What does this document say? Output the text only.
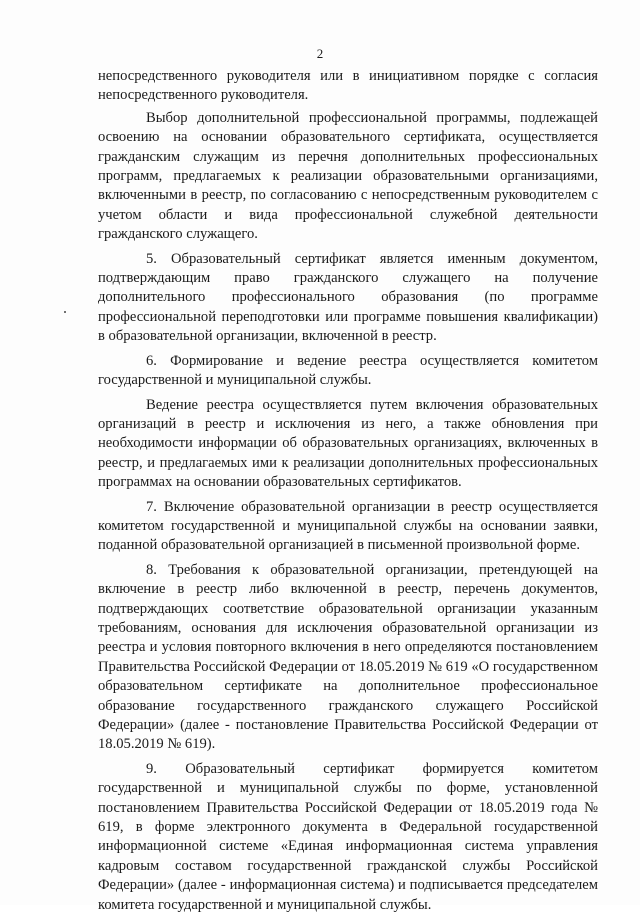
2

непосредственного руководителя или в инициативном порядке с согласия непосредственного руководителя.

Выбор дополнительной профессиональной программы, подлежащей освоению на основании образовательного сертификата, осуществляется гражданским служащим из перечня дополнительных профессиональных программ, предлагаемых к реализации образовательными организациями, включенными в реестр, по согласованию с непосредственным руководителем с учетом области и вида профессиональной служебной деятельности гражданского служащего.

5. Образовательный сертификат является именным документом, подтверждающим право гражданского служащего на получение дополнительного профессионального образования (по программе профессиональной переподготовки или программе повышения квалификации) в образовательной организации, включенной в реестр.

6. Формирование и ведение реестра осуществляется комитетом государственной и муниципальной службы.

Ведение реестра осуществляется путем включения образовательных организаций в реестр и исключения из него, а также обновления при необходимости информации об образовательных организациях, включенных в реестр, и предлагаемых ими к реализации дополнительных профессиональных программах на основании образовательных сертификатов.

7. Включение образовательной организации в реестр осуществляется комитетом государственной и муниципальной службы на основании заявки, поданной образовательной организацией в письменной произвольной форме.

8. Требования к образовательной организации, претендующей на включение в реестр либо включенной в реестр, перечень документов, подтверждающих соответствие образовательной организации указанным требованиям, основания для исключения образовательной организации из реестра и условия повторного включения в него определяются постановлением Правительства Российской Федерации от 18.05.2019 № 619 «О государственном образовательном сертификате на дополнительное профессиональное образование государственного гражданского служащего Российской Федерации» (далее - постановление Правительства Российской Федерации от 18.05.2019 № 619).

9. Образовательный сертификат формируется комитетом государственной и муниципальной службы по форме, установленной постановлением Правительства Российской Федерации от 18.05.2019 года № 619, в форме электронного документа в Федеральной государственной информационной системе «Единая информационная система управления кадровым составом государственной гражданской службы Российской Федерации» (далее - информационная система) и подписывается председателем комитета государственной и муниципальной службы.
